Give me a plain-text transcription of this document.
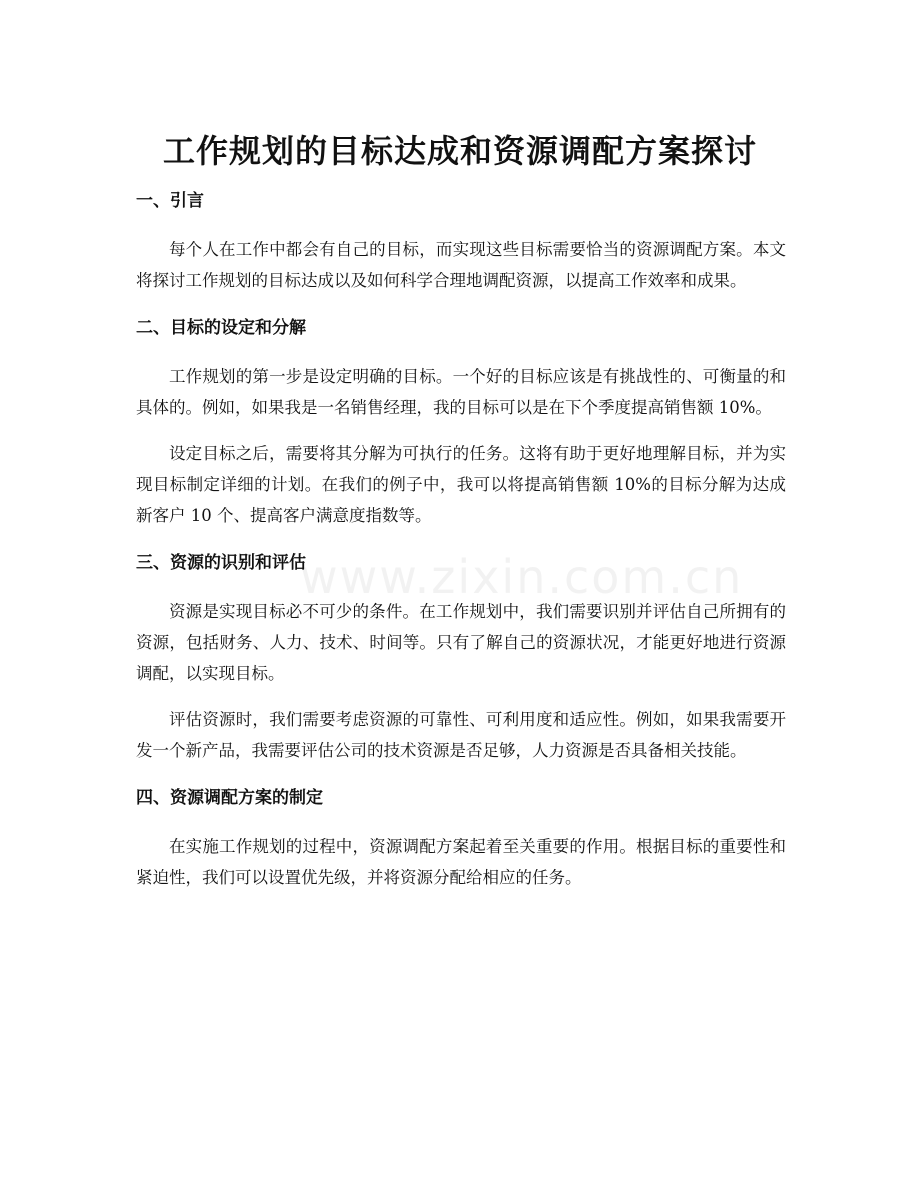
www.zixin.com.cn
工作规划的目标达成和资源调配方案探讨
一、引言

每个人在工作中都会有自己的目标，而实现这些目标需要恰当的资源调配方案。本文将探讨工作规划的目标达成以及如何科学合理地调配资源，以提高工作效率和成果。

二、目标的设定和分解

工作规划的第一步是设定明确的目标。一个好的目标应该是有挑战性的、可衡量的和具体的。例如，如果我是一名销售经理，我的目标可以是在下个季度提高销售额 10%。

设定目标之后，需要将其分解为可执行的任务。这将有助于更好地理解目标，并为实现目标制定详细的计划。在我们的例子中，我可以将提高销售额 10%的目标分解为达成新客户 10 个、提高客户满意度指数等。

三、资源的识别和评估

资源是实现目标必不可少的条件。在工作规划中，我们需要识别并评估自己所拥有的资源，包括财务、人力、技术、时间等。只有了解自己的资源状况，才能更好地进行资源调配，以实现目标。

评估资源时，我们需要考虑资源的可靠性、可利用度和适应性。例如，如果我需要开发一个新产品，我需要评估公司的技术资源是否足够，人力资源是否具备相关技能。

四、资源调配方案的制定

在实施工作规划的过程中，资源调配方案起着至关重要的作用。根据目标的重要性和紧迫性，我们可以设置优先级，并将资源分配给相应的任务。
